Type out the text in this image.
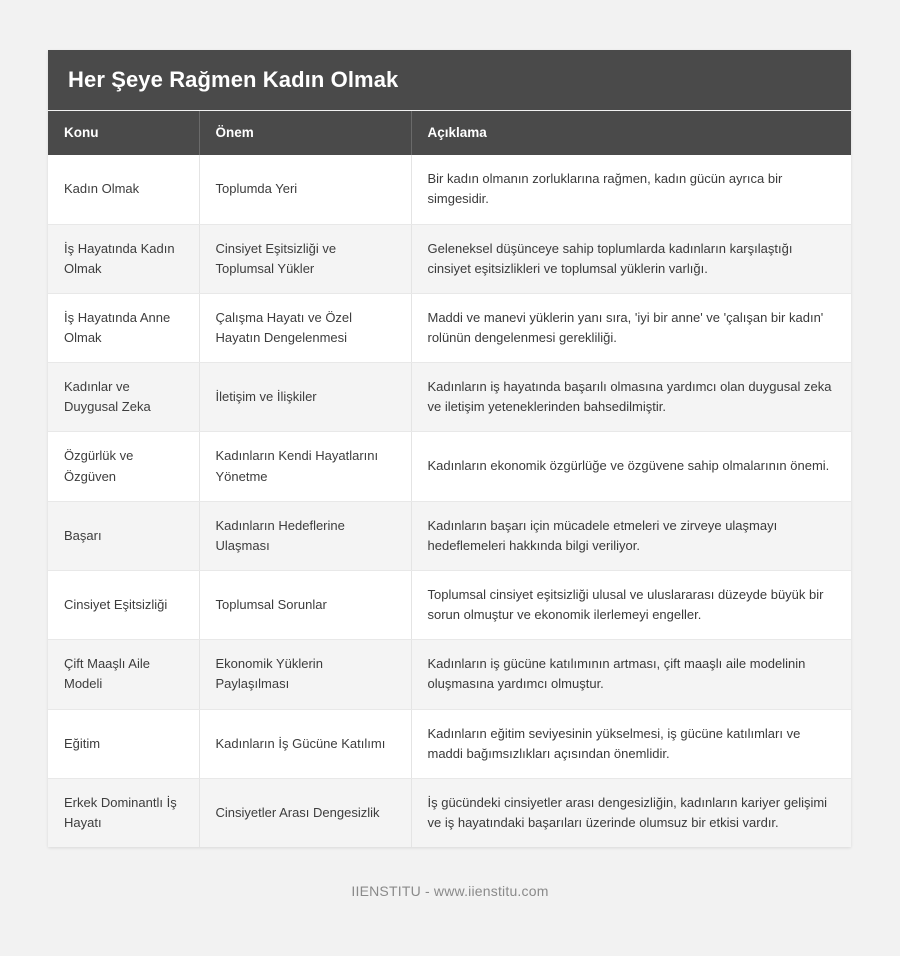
Her Şeye Rağmen Kadın Olmak
Konu	Önem	Açıklama
Kadın Olmak	Toplumda Yeri	Bir kadın olmanın zorluklarına rağmen, kadın gücün ayrıca bir simgesidir.
İş Hayatında Kadın Olmak	Cinsiyet Eşitsizliği ve Toplumsal Yükler	Geleneksel düşünceye sahip toplumlarda kadınların karşılaştığı cinsiyet eşitsizlikleri ve toplumsal yüklerin varlığı.
İş Hayatında Anne Olmak	Çalışma Hayatı ve Özel Hayatın Dengelenmesi	Maddi ve manevi yüklerin yanı sıra, 'iyi bir anne' ve 'çalışan bir kadın' rolünün dengelenmesi gerekliliği.
Kadınlar ve Duygusal Zeka	İletişim ve İlişkiler	Kadınların iş hayatında başarılı olmasına yardımcı olan duygusal zeka ve iletişim yeteneklerinden bahsedilmiştir.
Özgürlük ve Özgüven	Kadınların Kendi Hayatlarını Yönetme	Kadınların ekonomik özgürlüğe ve özgüvene sahip olmalarının önemi.
Başarı	Kadınların Hedeflerine Ulaşması	Kadınların başarı için mücadele etmeleri ve zirveye ulaşmayı hedeflemeleri hakkında bilgi veriliyor.
Cinsiyet Eşitsizliği	Toplumsal Sorunlar	Toplumsal cinsiyet eşitsizliği ulusal ve uluslararası düzeyde büyük bir sorun olmuştur ve ekonomik ilerlemeyi engeller.
Çift Maaşlı Aile Modeli	Ekonomik Yüklerin Paylaşılması	Kadınların iş gücüne katılımının artması, çift maaşlı aile modelinin oluşmasına yardımcı olmuştur.
Eğitim	Kadınların İş Gücüne Katılımı	Kadınların eğitim seviyesinin yükselmesi, iş gücüne katılımları ve maddi bağımsızlıkları açısından önemlidir.
Erkek Dominantlı İş Hayatı	Cinsiyetler Arası Dengesizlik	İş gücündeki cinsiyetler arası dengesizliğin, kadınların kariyer gelişimi ve iş hayatındaki başarıları üzerinde olumsuz bir etkisi vardır.
IIENSTITU - www.iienstitu.com
